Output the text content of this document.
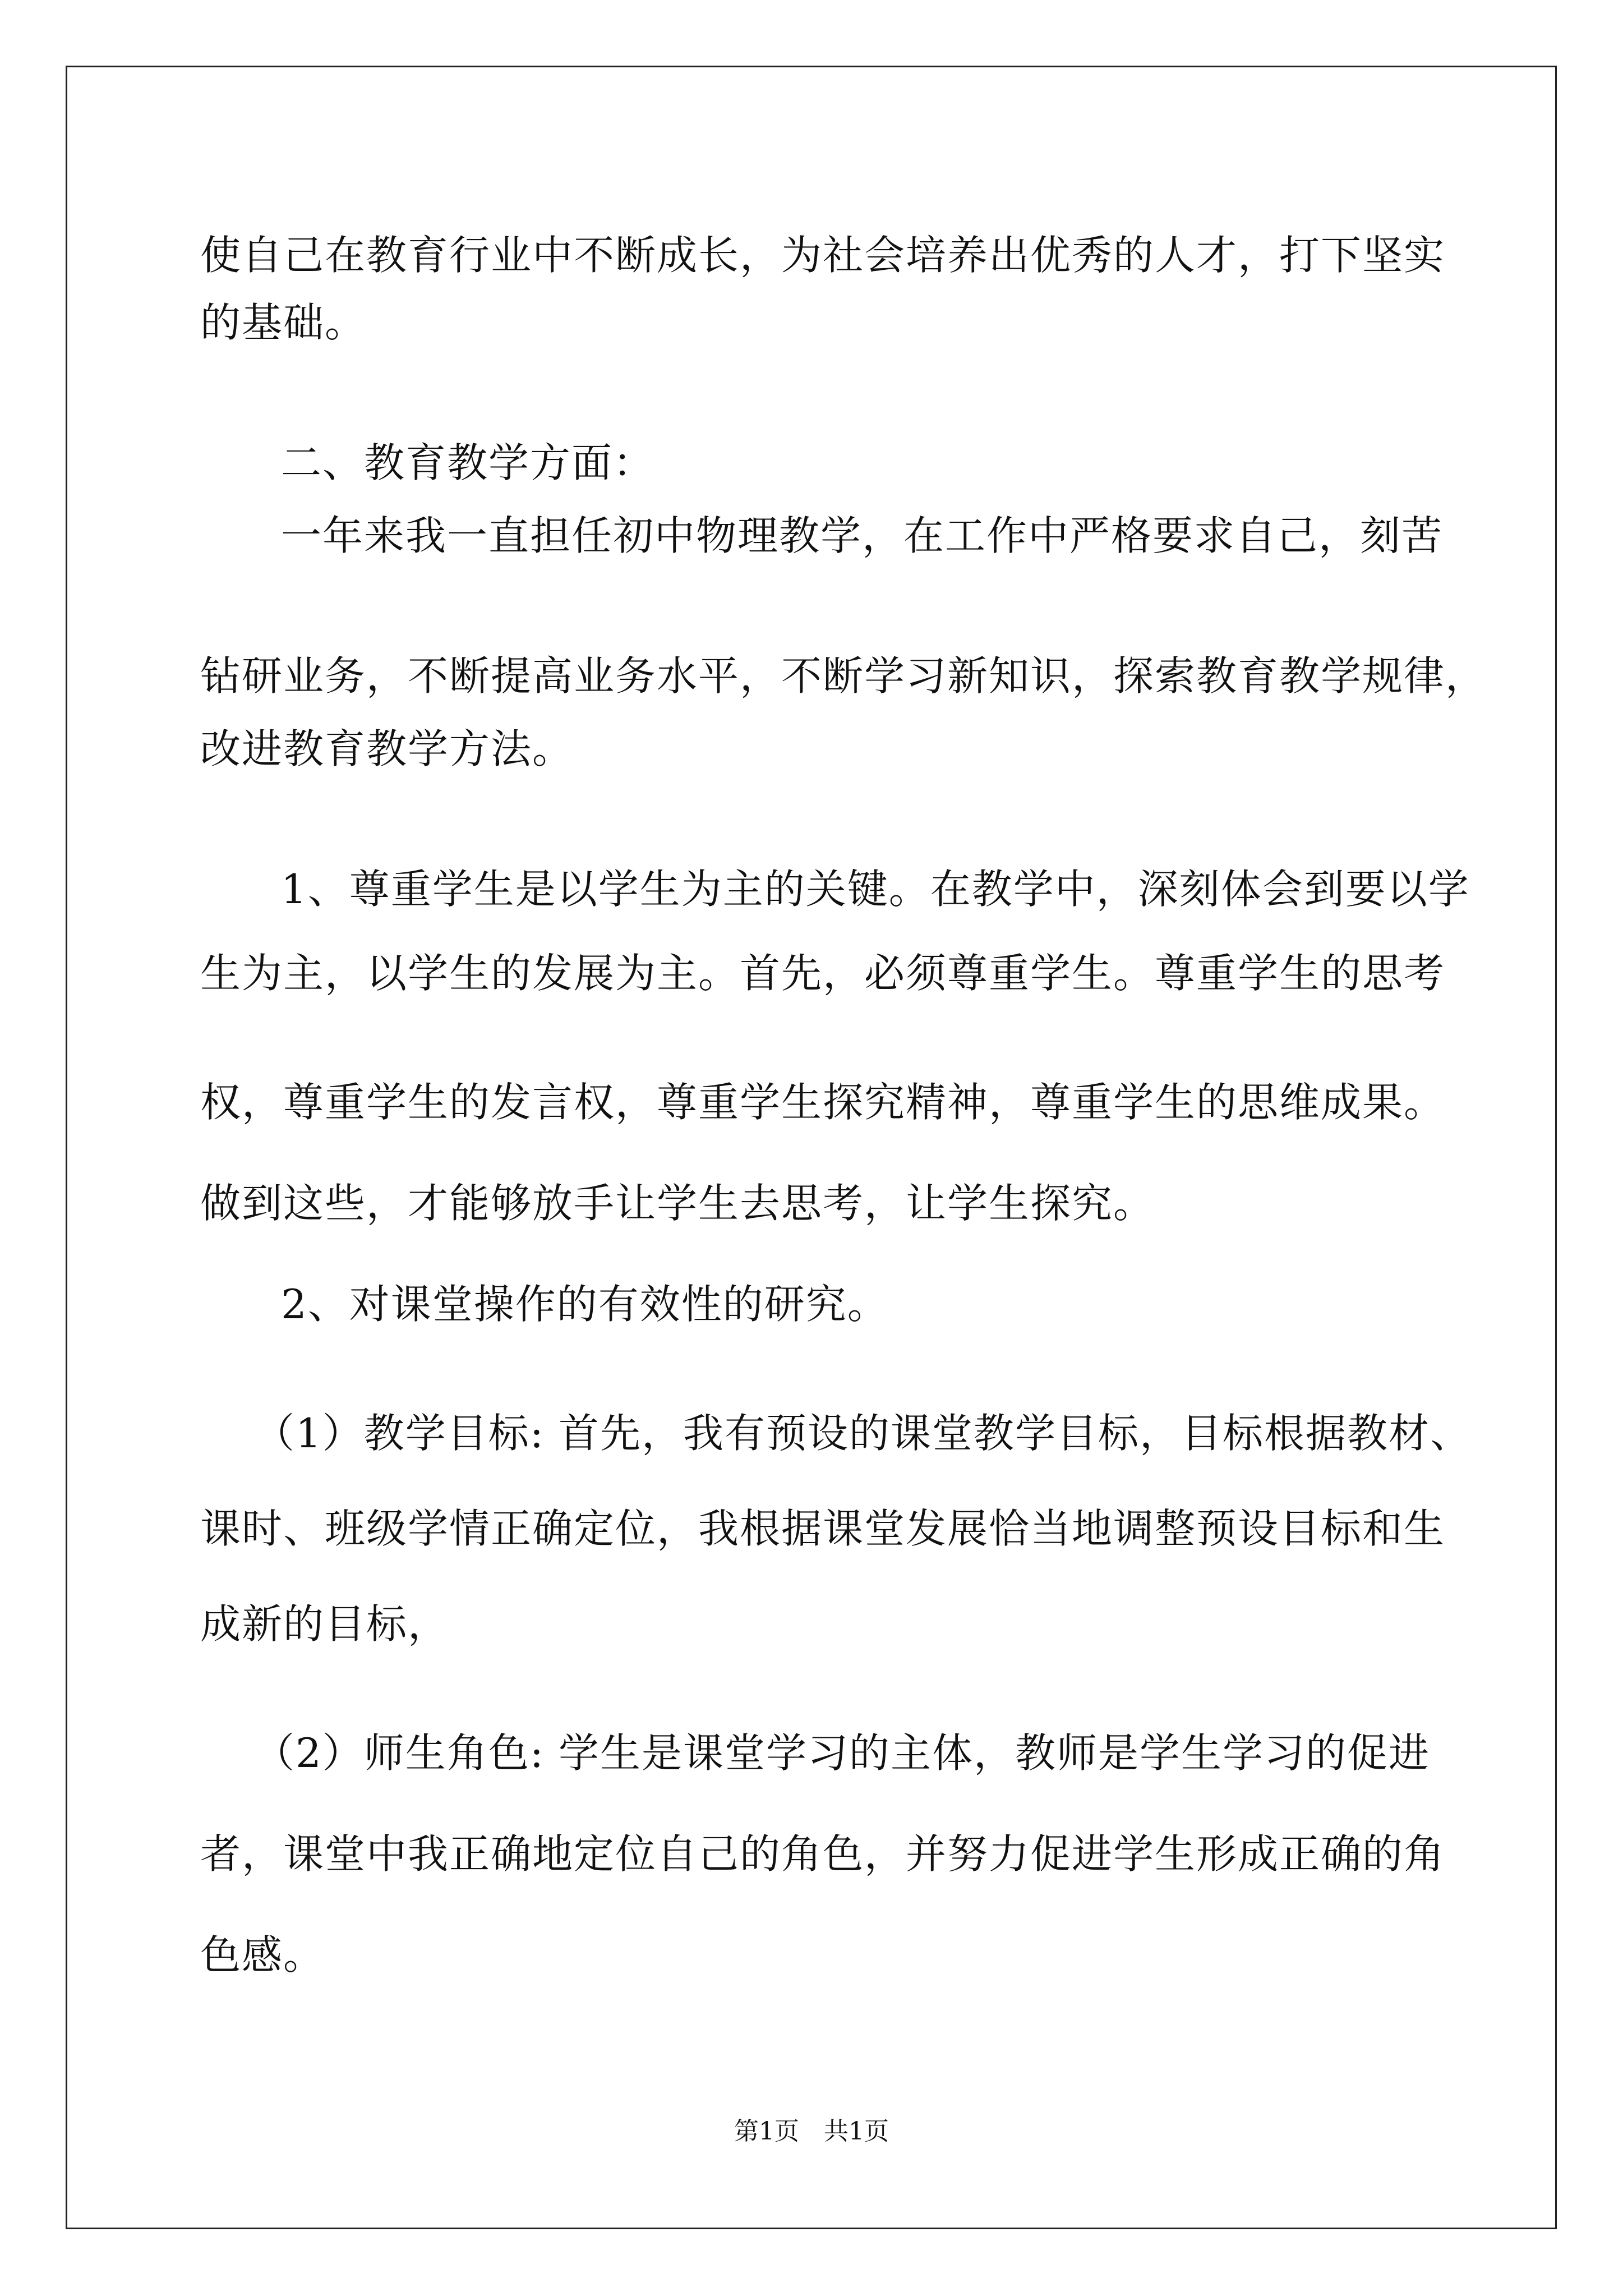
使自己在教育行业中不断成长，为社会培养出优秀的人才，打下坚实
的基础。
二、教育教学方面：
一年来我一直担任初中物理教学，在工作中严格要求自己，刻苦
钻研业务，不断提高业务水平，不断学习新知识，探索教育教学规律，
改进教育教学方法。
1、尊重学生是以学生为主的关键。在教学中，深刻体会到要以学
生为主，以学生的发展为主。首先，必须尊重学生。尊重学生的思考
权，尊重学生的发言权，尊重学生探究精神，尊重学生的思维成果。
做到这些，才能够放手让学生去思考，让学生探究。
2、对课堂操作的有效性的研究。
（1）教学目标: 首先，我有预设的课堂教学目标，目标根据教材、
课时、班级学情正确定位，我根据课堂发展恰当地调整预设目标和生
成新的目标，
（2）师生角色: 学生是课堂学习的主体，教师是学生学习的促进
者，课堂中我正确地定位自己的角色，并努力促进学生形成正确的角
色感。
第1页　共1页
